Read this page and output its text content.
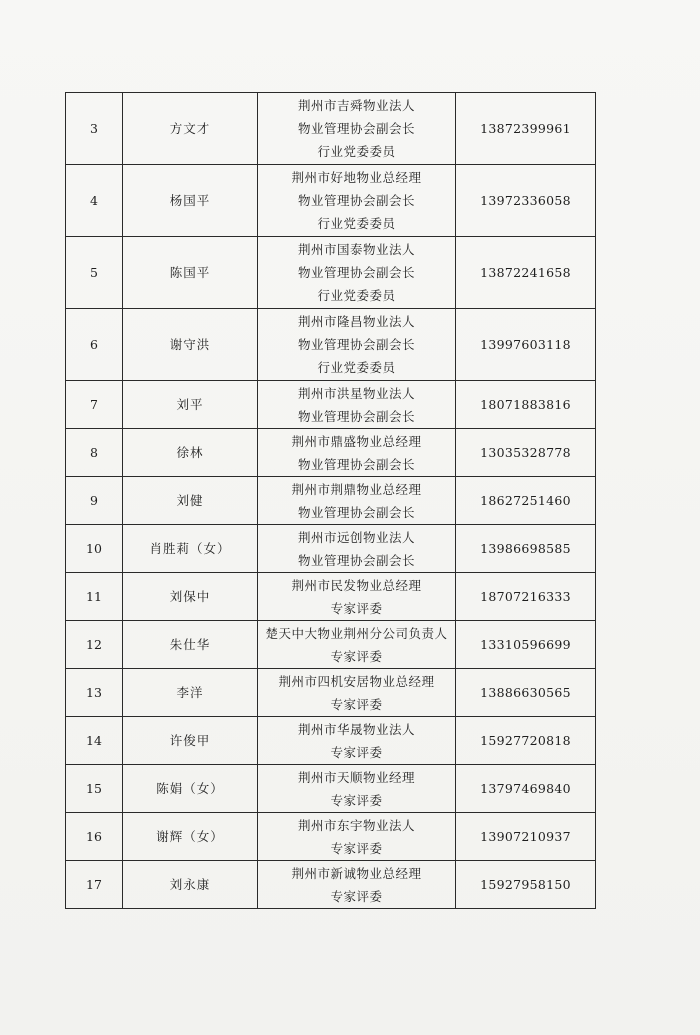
3	方文才	荆州市吉舜物业法人
物业管理协会副会长
行业党委委员	13872399961
4	杨国平	荆州市好地物业总经理
物业管理协会副会长
行业党委委员	13972336058
5	陈国平	荆州市国泰物业法人
物业管理协会副会长
行业党委委员	13872241658
6	谢守洪	荆州市隆昌物业法人
物业管理协会副会长
行业党委委员	13997603118
7	刘平	荆州市洪星物业法人
物业管理协会副会长	18071883816
8	徐林	荆州市鼎盛物业总经理
物业管理协会副会长	13035328778
9	刘健	荆州市荆鼎物业总经理
物业管理协会副会长	18627251460
10	肖胜莉（女）	荆州市远创物业法人
物业管理协会副会长	13986698585
11	刘保中	荆州市民发物业总经理
专家评委	18707216333
12	朱仕华	楚天中大物业荆州分公司负责人
专家评委	13310596699
13	李洋	荆州市四机安居物业总经理
专家评委	13886630565
14	许俊甲	荆州市华晟物业法人
专家评委	15927720818
15	陈娟（女）	荆州市天顺物业经理
专家评委	13797469840
16	谢辉（女）	荆州市东宇物业法人
专家评委	13907210937
17	刘永康	荆州市新诚物业总经理
专家评委	15927958150
